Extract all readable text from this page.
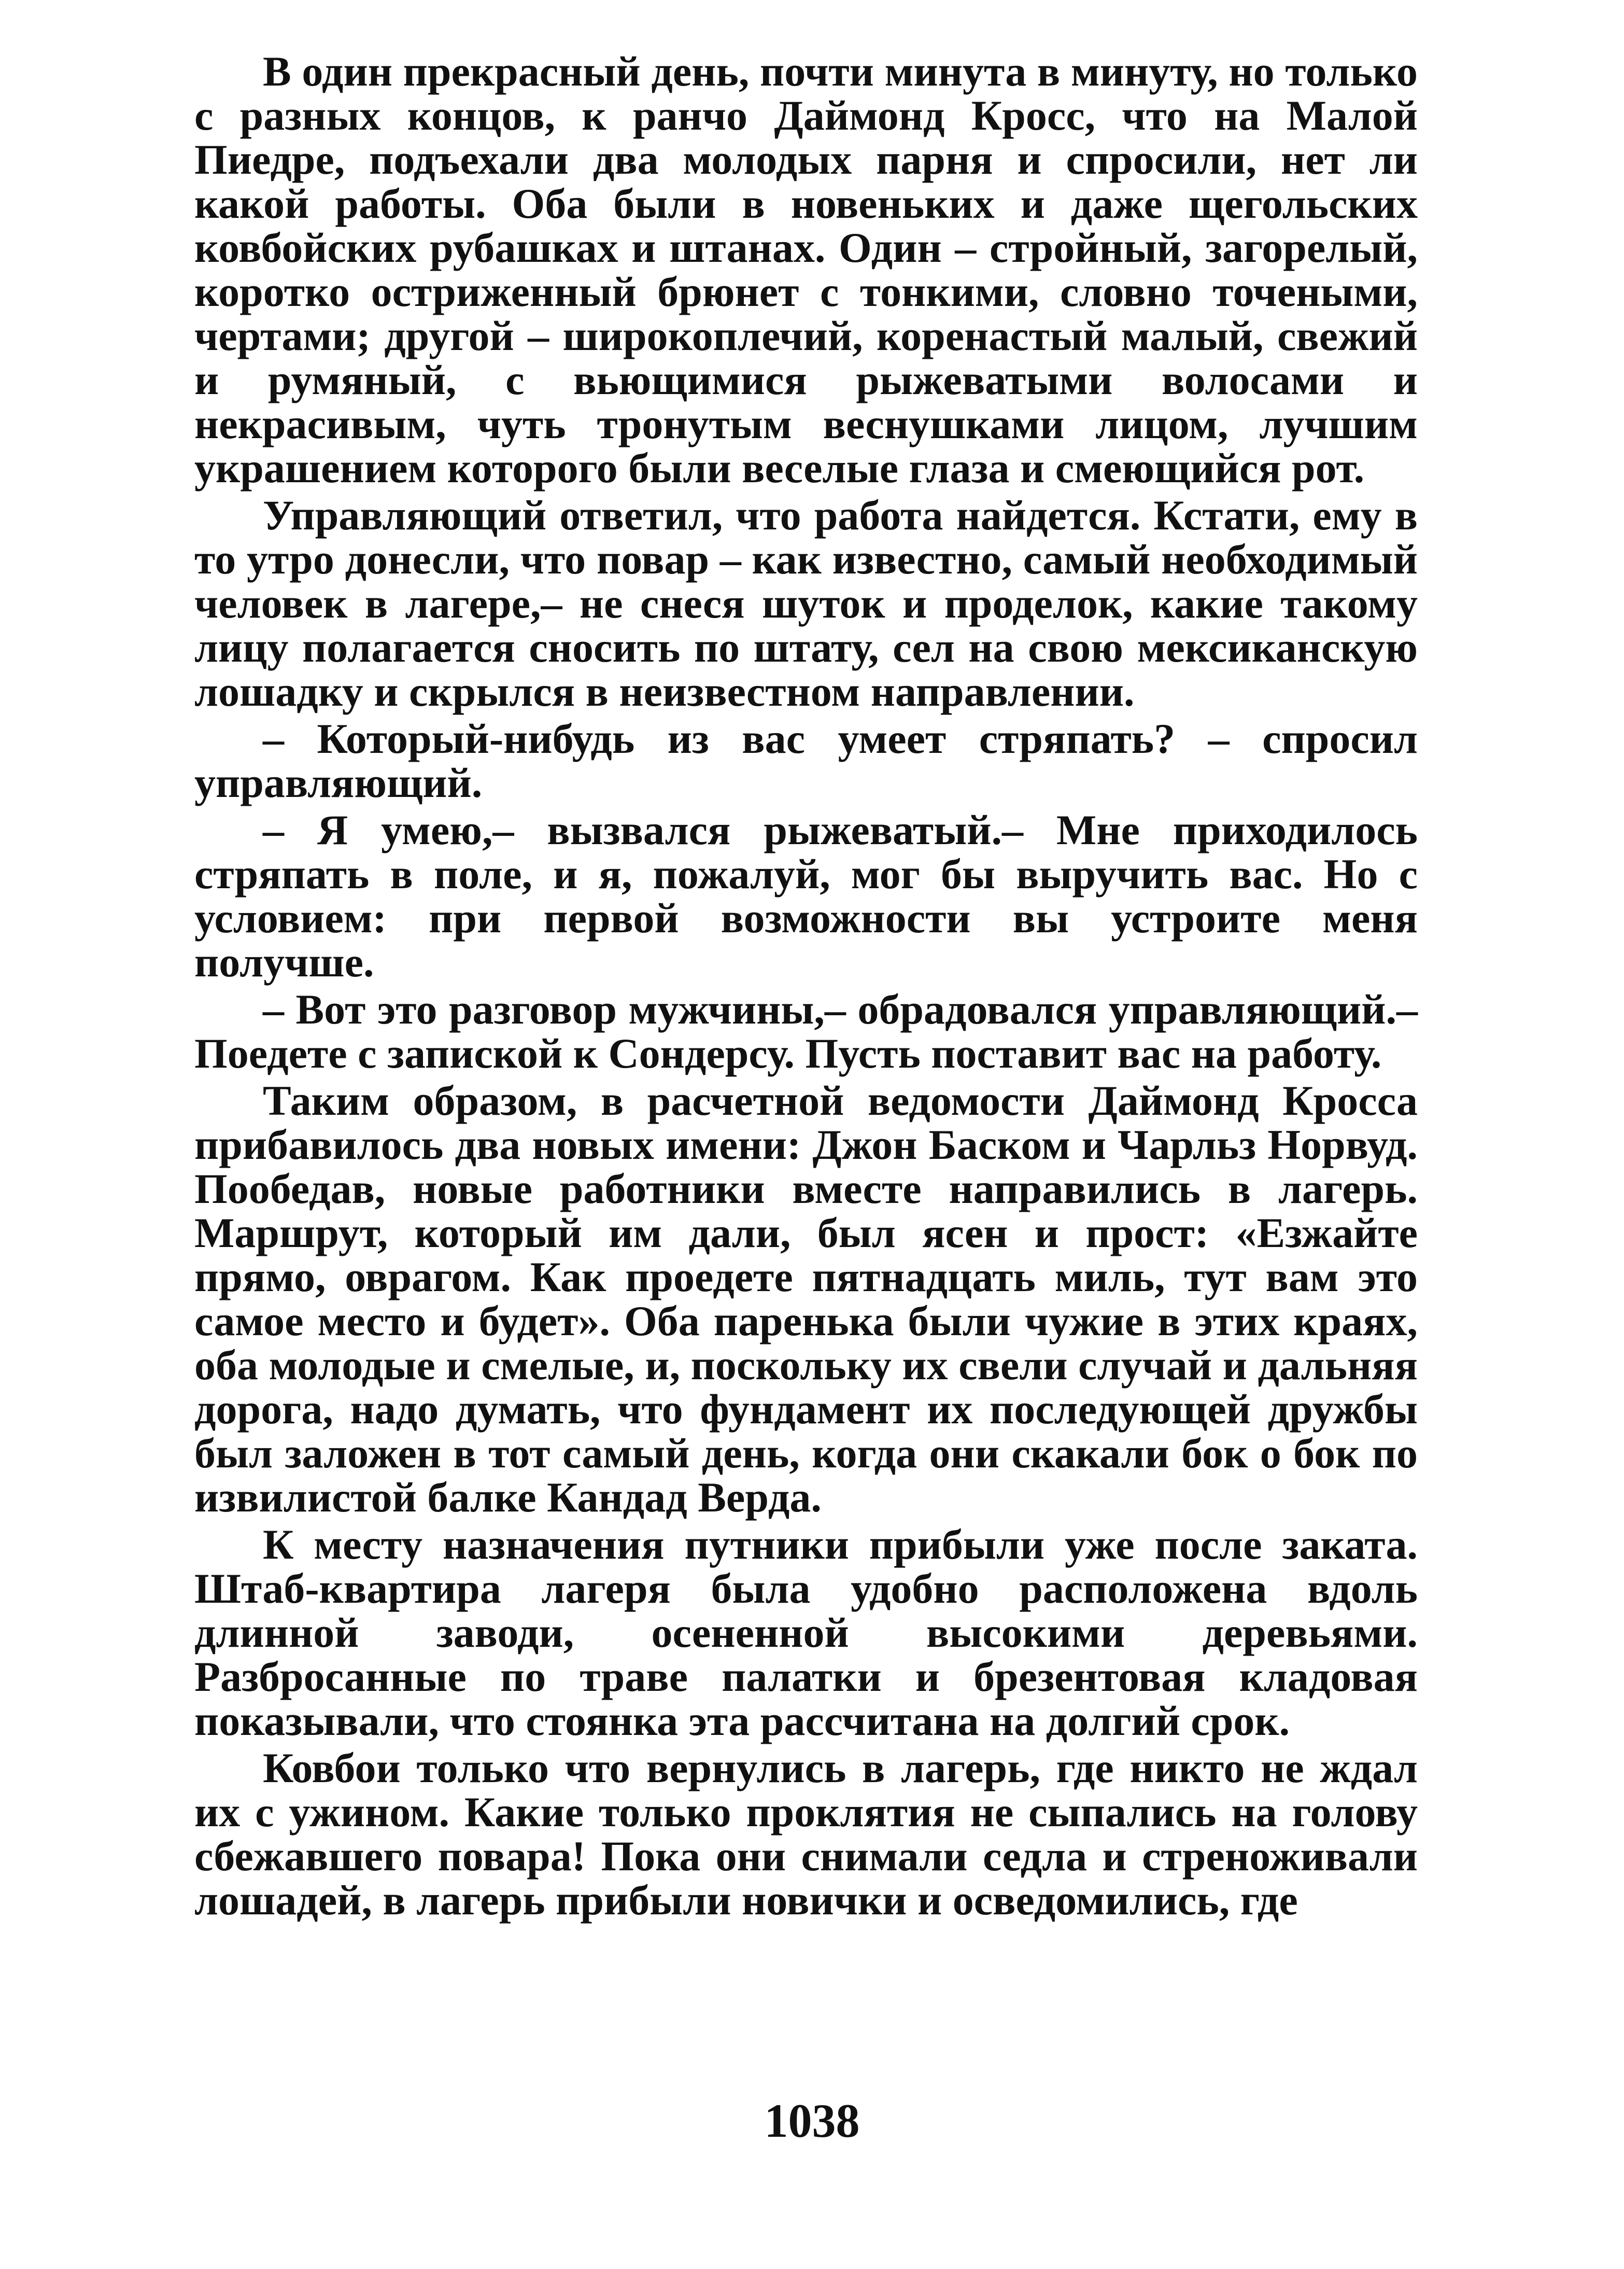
В один прекрасный день, почти минута в минуту, но только с разных концов, к ранчо Даймонд Кросс, что на Малой Пиедре, подъехали два молодых парня и спросили, нет ли какой работы. Оба были в новеньких и даже щегольских ковбойских рубашках и штанах. Один – стройный, загорелый, коротко остриженный брюнет с тонкими, словно точеными, чертами; другой – широкоплечий, коренастый малый, свежий и румяный, с вьющимися рыжеватыми волосами и некрасивым, чуть тронутым веснушками лицом, лучшим украшением которого были веселые глаза и смеющийся рот.

Управляющий ответил, что работа найдется. Кстати, ему в то утро донесли, что повар – как известно, самый необходимый человек в лагере,– не снеся шуток и проделок, какие такому лицу полагается сносить по штату, сел на свою мексиканскую лошадку и скрылся в неизвестном направлении.

– Который-нибудь из вас умеет стряпать? – спросил управляющий.

– Я умею,– вызвался рыжеватый.– Мне приходилось стряпать в поле, и я, пожалуй, мог бы выручить вас. Но с условием: при первой возможности вы устроите меня получше.

– Вот это разговор мужчины,– обрадовался управляющий.– Поедете с запиской к Сондерсу. Пусть поставит вас на работу.

Таким образом, в расчетной ведомости Даймонд Кросса прибавилось два новых имени: Джон Баском и Чарльз Норвуд. Пообедав, новые работники вместе направились в лагерь. Маршрут, который им дали, был ясен и прост: «Езжайте прямо, оврагом. Как проедете пятнадцать миль, тут вам это самое место и будет». Оба паренька были чужие в этих краях, оба молодые и смелые, и, поскольку их свели случай и дальняя дорога, надо думать, что фундамент их последующей дружбы был заложен в тот самый день, когда они скакали бок о бок по извилистой балке Кандад Верда.

К месту назначения путники прибыли уже после заката. Штаб-квартира лагеря была удобно расположена вдоль длинной заводи, осененной высокими деревьями. Разбросанные по траве палатки и брезентовая кладовая показывали, что стоянка эта рассчитана на долгий срок.

Ковбои только что вернулись в лагерь, где никто не ждал их с ужином. Какие только проклятия не сыпались на голову сбежавшего повара! Пока они снимали седла и стреноживали лошадей, в лагерь прибыли новички и осведомились, где

1038
